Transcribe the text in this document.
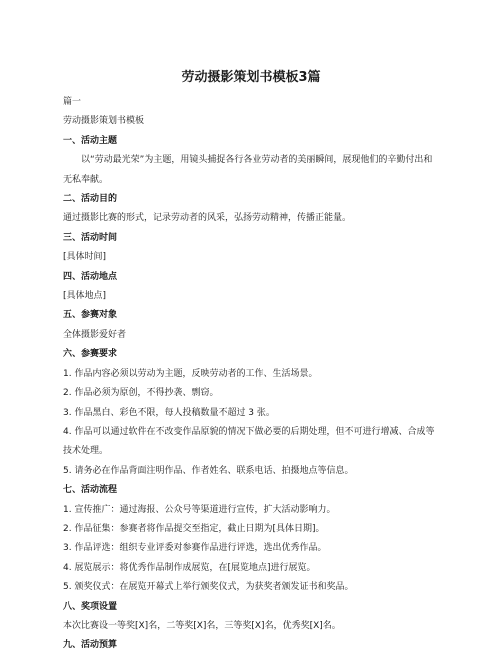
劳动摄影策划书模板3篇
篇一
劳动摄影策划书模板
一、活动主题
以“劳动最光荣”为主题，用镜头捕捉各行各业劳动者的美丽瞬间，展现他们的辛勤付出和无私奉献。
二、活动目的
通过摄影比赛的形式，记录劳动者的风采，弘扬劳动精神，传播正能量。
三、活动时间
[具体时间]
四、活动地点
[具体地点]
五、参赛对象
全体摄影爱好者
六、参赛要求
1. 作品内容必须以劳动为主题，反映劳动者的工作、生活场景。
2. 作品必须为原创，不得抄袭、剽窃。
3. 作品黑白、彩色不限，每人投稿数量不超过 3 张。
4. 作品可以通过软件在不改变作品原貌的情况下做必要的后期处理，但不可进行增减、合成等技术处理。
5. 请务必在作品背面注明作品、作者姓名、联系电话、拍摄地点等信息。
七、活动流程
1. 宣传推广：通过海报、公众号等渠道进行宣传，扩大活动影响力。
2. 作品征集：参赛者将作品提交至指定，截止日期为[具体日期]。
3. 作品评选：组织专业评委对参赛作品进行评选，选出优秀作品。
4. 展览展示：将优秀作品制作成展览，在[展览地点]进行展览。
5. 颁奖仪式：在展览开幕式上举行颁奖仪式，为获奖者颁发证书和奖品。
八、奖项设置
本次比赛设一等奖[X]名，二等奖[X]名，三等奖[X]名，优秀奖[X]名。
九、活动预算
